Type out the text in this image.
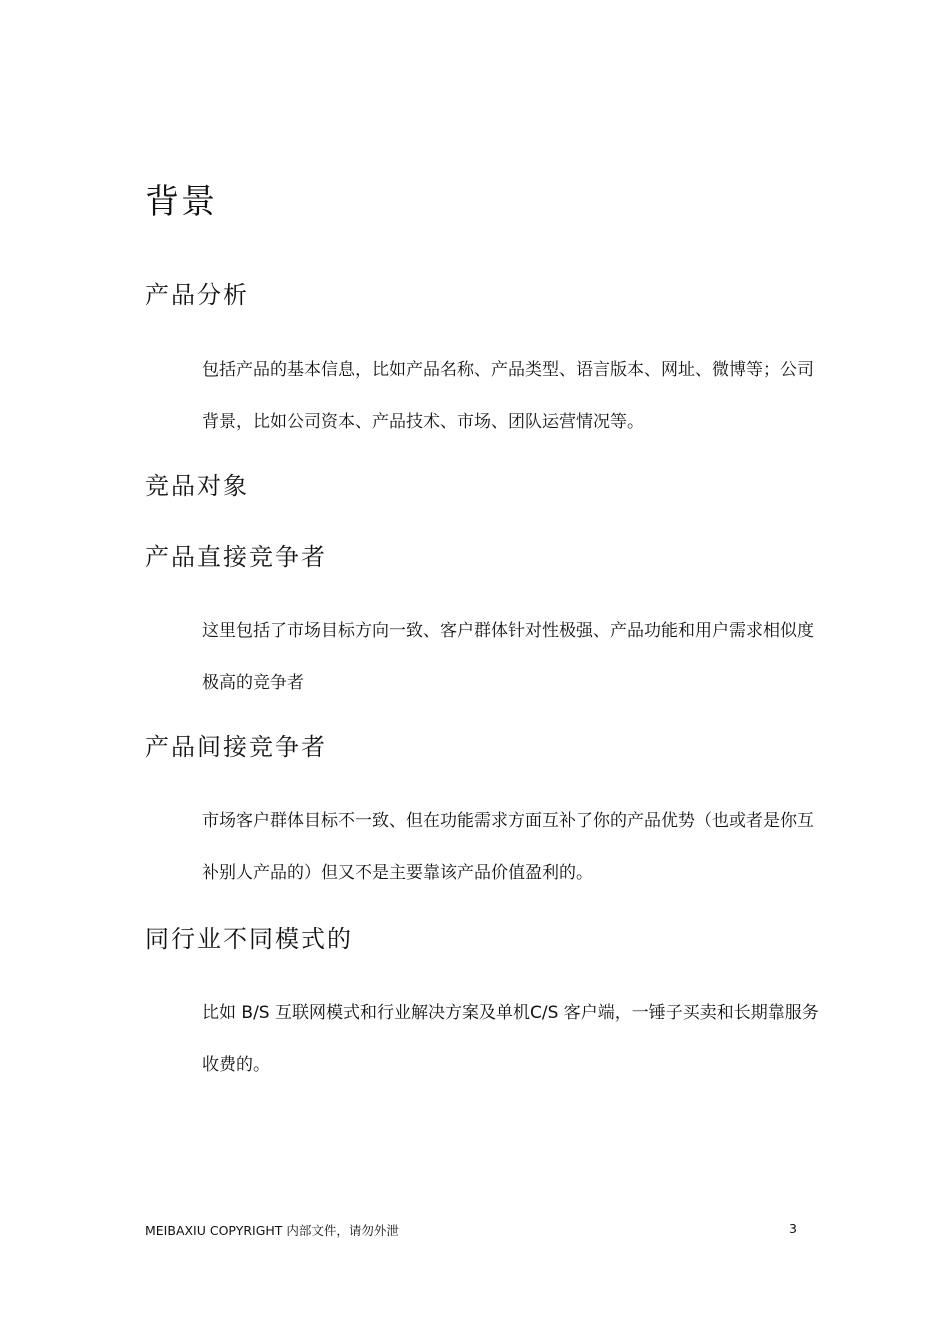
背景
产品分析

包括产品的基本信息，比如产品名称、产品类型、语言版本、网址、微博等；公司
背景，比如公司资本、产品技术、市场、团队运营情况等。

竞品对象
产品直接竞争者

这里包括了市场目标方向一致、客户群体针对性极强、产品功能和用户需求相似度
极高的竞争者

产品间接竞争者

市场客户群体目标不一致、但在功能需求方面互补了你的产品优势（也或者是你互
补别人产品的）但又不是主要靠该产品价值盈利的。

同行业不同模式的

比如 B/S 互联网模式和行业解决方案及单机C/S 客户端，一锤子买卖和长期靠服务
收费的。

MEIBAXIU COPYRIGHT 内部文件，请勿外泄	3
